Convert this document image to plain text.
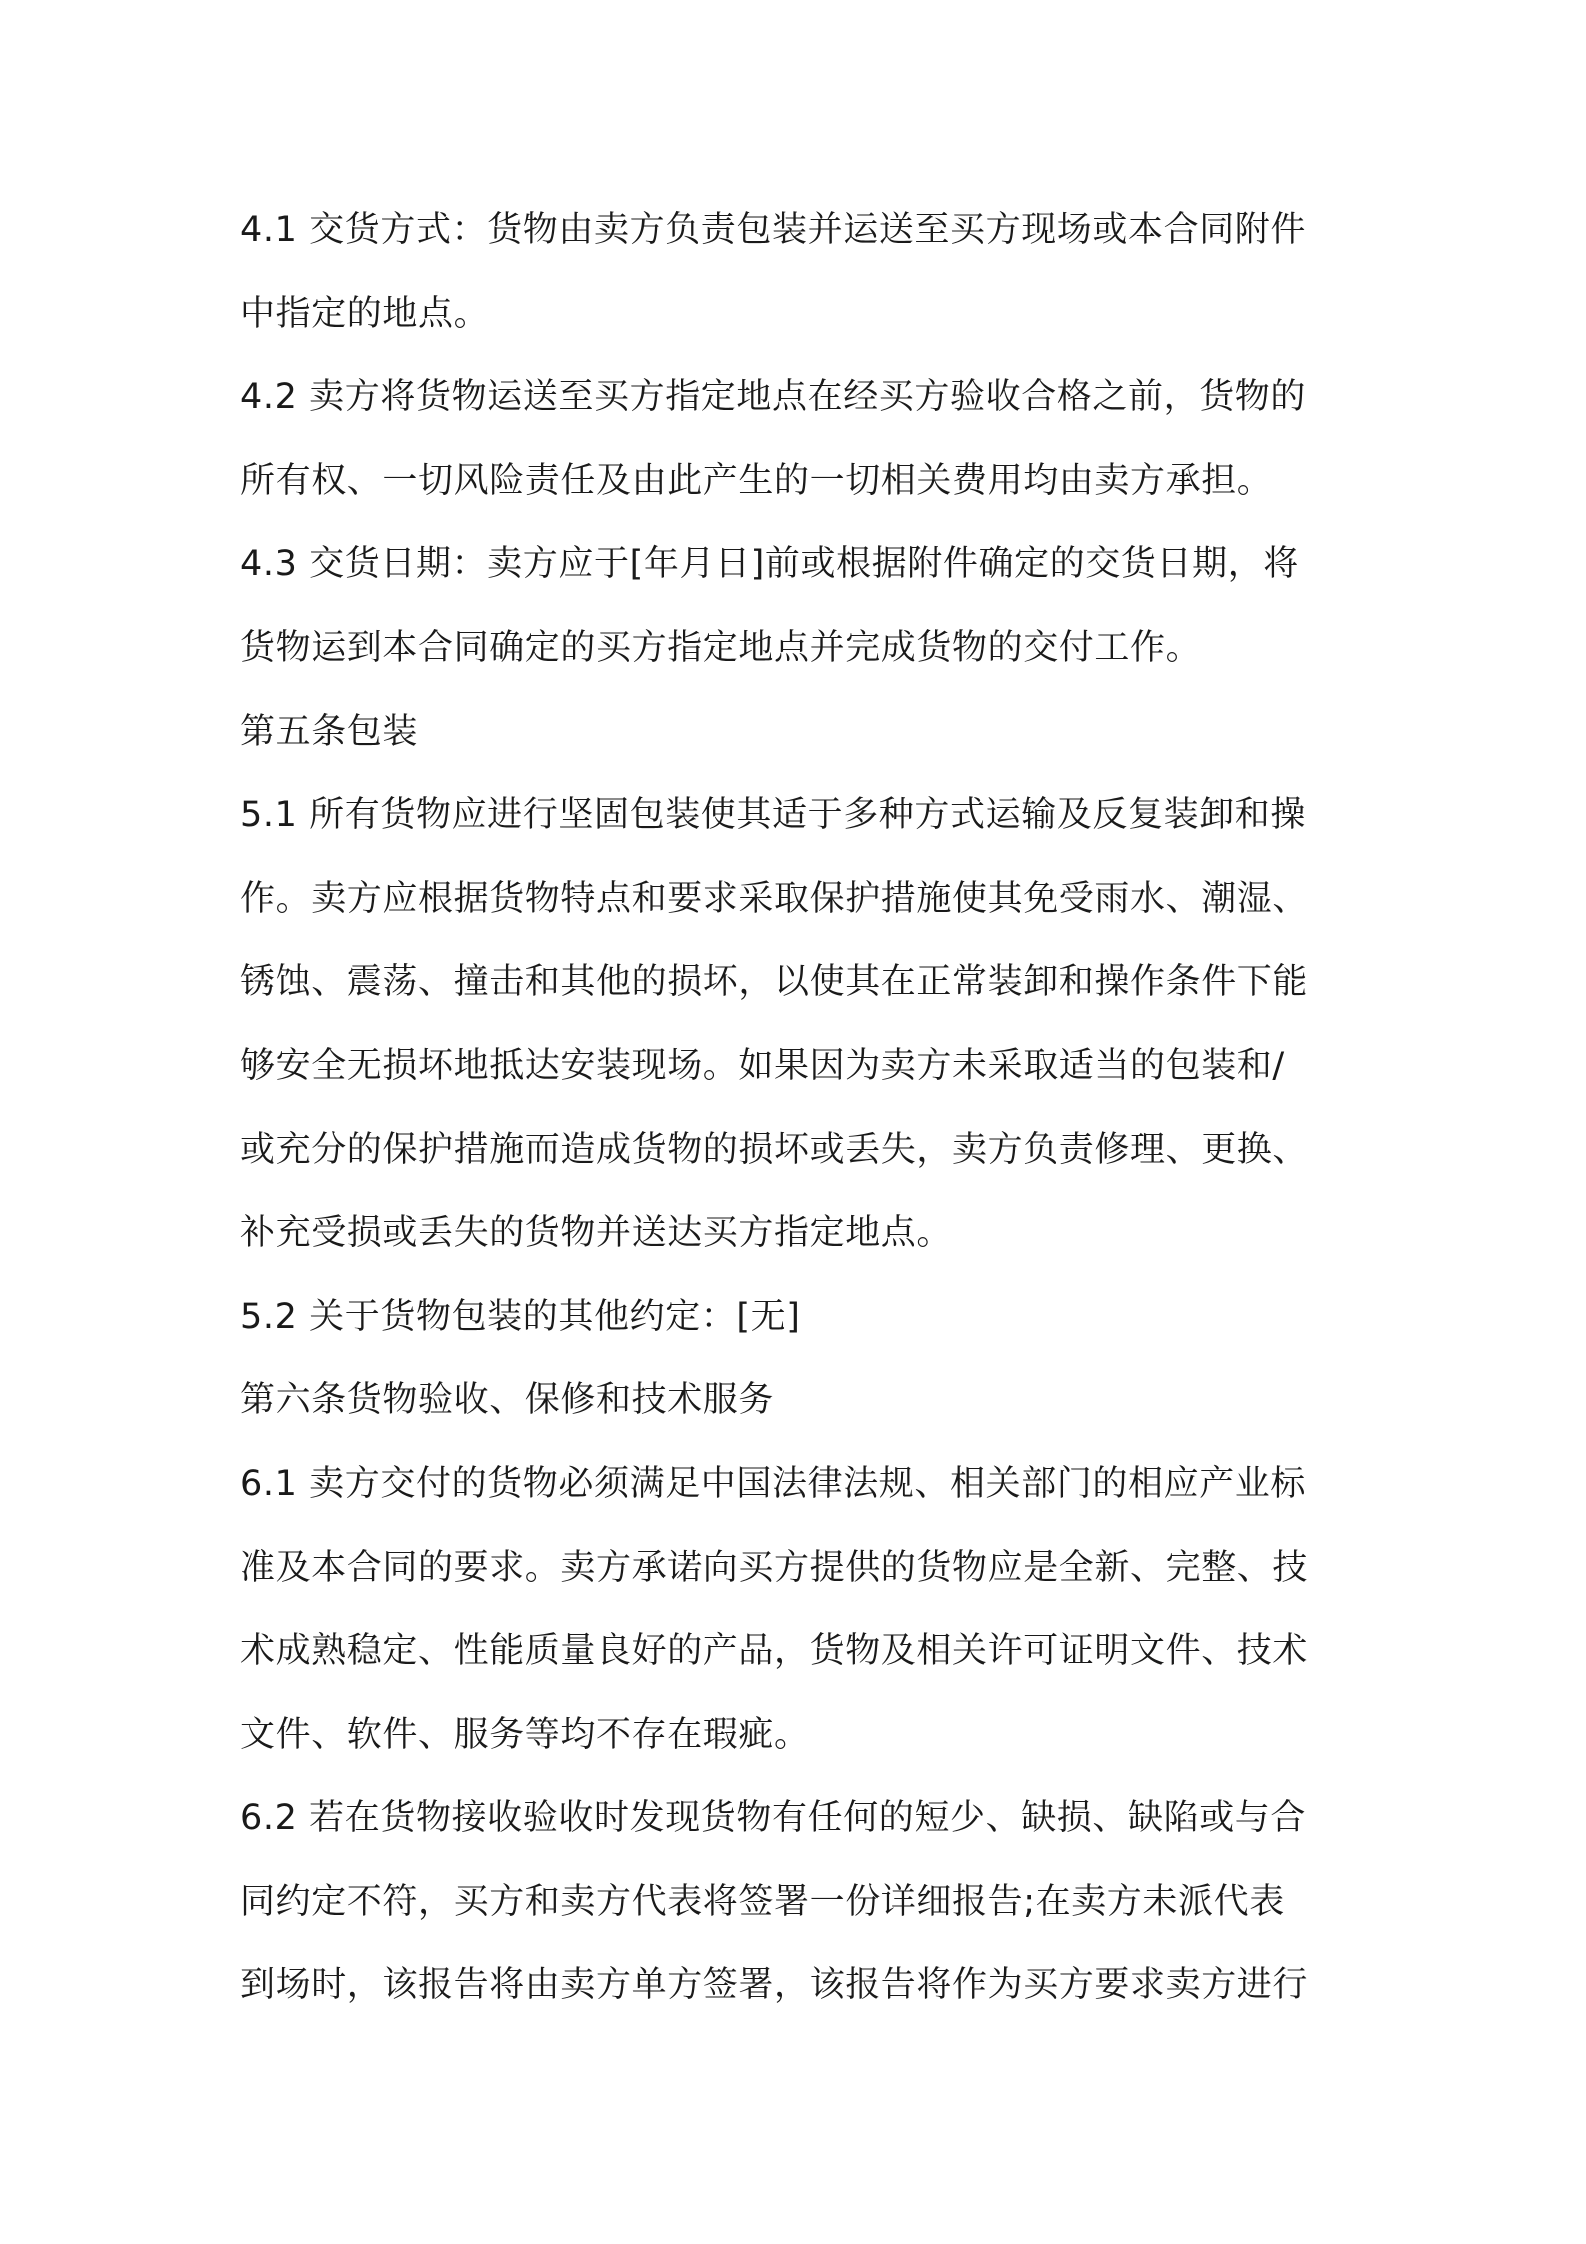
4.1 交货方式：货物由卖方负责包装并运送至买方现场或本合同附件
中指定的地点。
4.2 卖方将货物运送至买方指定地点在经买方验收合格之前，货物的
所有权、一切风险责任及由此产生的一切相关费用均由卖方承担。
4.3 交货日期：卖方应于[年月日]前或根据附件确定的交货日期，将
货物运到本合同确定的买方指定地点并完成货物的交付工作。
第五条包装
5.1 所有货物应进行坚固包装使其适于多种方式运输及反复装卸和操
作。卖方应根据货物特点和要求采取保护措施使其免受雨水、潮湿、
锈蚀、震荡、撞击和其他的损坏，以使其在正常装卸和操作条件下能
够安全无损坏地抵达安装现场。如果因为卖方未采取适当的包装和/
或充分的保护措施而造成货物的损坏或丢失，卖方负责修理、更换、
补充受损或丢失的货物并送达买方指定地点。
5.2 关于货物包装的其他约定：[无]
第六条货物验收、保修和技术服务
6.1 卖方交付的货物必须满足中国法律法规、相关部门的相应产业标
准及本合同的要求。卖方承诺向买方提供的货物应是全新、完整、技
术成熟稳定、性能质量良好的产品，货物及相关许可证明文件、技术
文件、软件、服务等均不存在瑕疵。
6.2 若在货物接收验收时发现货物有任何的短少、缺损、缺陷或与合
同约定不符，买方和卖方代表将签署一份详细报告;在卖方未派代表
到场时，该报告将由卖方单方签署，该报告将作为买方要求卖方进行
